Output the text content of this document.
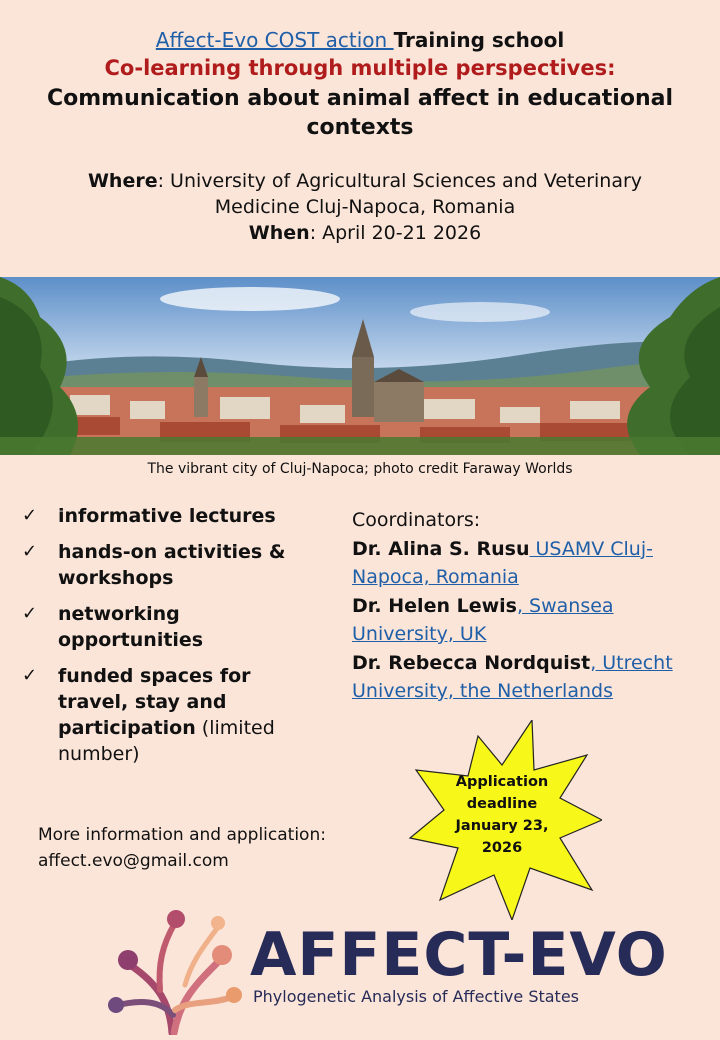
Affect-Evo COST action Training school
Co-learning through multiple perspectives:
Communication about animal affect in educational contexts
Where: University of Agricultural Sciences and Veterinary Medicine Cluj-Napoca, Romania
When: April 20-21 2026
The vibrant city of Cluj-Napoca; photo credit Faraway Worlds
✓ informative lectures
✓ hands-on activities & workshops
✓ networking opportunities
✓ funded spaces for travel, stay and participation (limited number)
Coordinators:
Dr. Alina S. Rusu USAMV Cluj-Napoca, Romania
Dr. Helen Lewis, Swansea University, UK
Dr. Rebecca Nordquist, Utrecht University, the Netherlands
More information and application:
affect.evo@gmail.com
Application
deadline
January 23,
2026
AFFECT-EVO
Phylogenetic Analysis of Affective States
